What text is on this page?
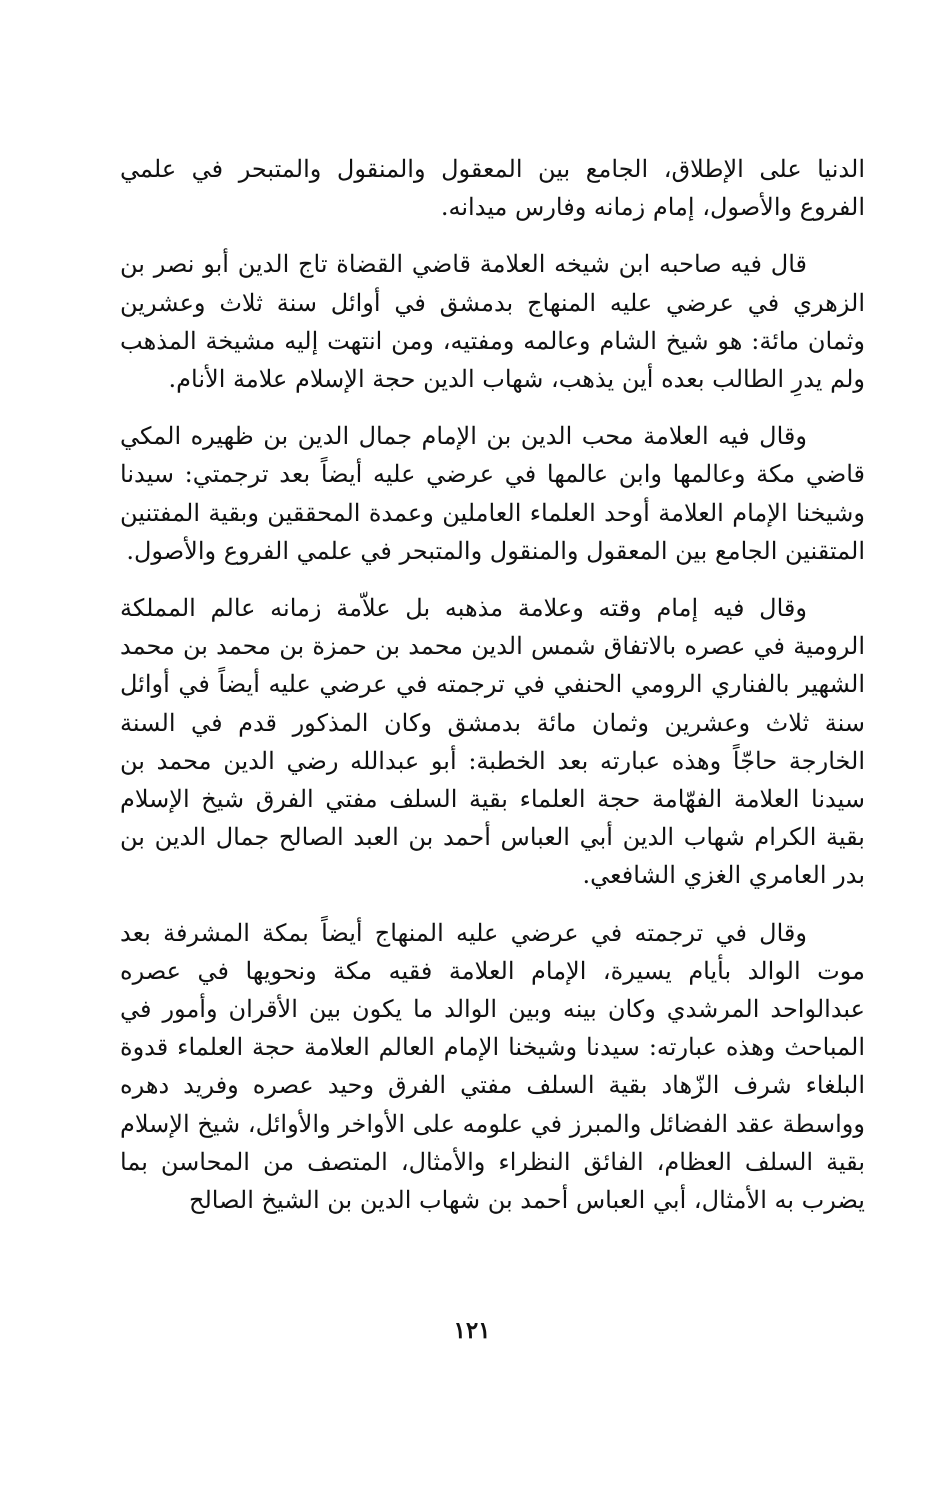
الدنيا على الإطلاق، الجامع بين المعقول والمنقول والمتبحر في علمي الفروع والأصول، إمام زمانه وفارس ميدانه.

قال فيه صاحبه ابن شيخه العلامة قاضي القضاة تاج الدين أبو نصر بن الزهري في عرضي عليه المنهاج بدمشق في أوائل سنة ثلاث وعشرين وثمان مائة: هو شيخ الشام وعالمه ومفتيه، ومن انتهت إليه مشيخة المذهب ولم يدرِ الطالب بعده أين يذهب، شهاب الدين حجة الإسلام علامة الأنام.

وقال فيه العلامة محب الدين بن الإمام جمال الدين بن ظهيره المكي قاضي مكة وعالمها وابن عالمها في عرضي عليه أيضاً بعد ترجمتي: سيدنا وشيخنا الإمام العلامة أوحد العلماء العاملين وعمدة المحققين وبقية المفتنين المتقنين الجامع بين المعقول والمنقول والمتبحر في علمي الفروع والأصول.

وقال فيه إمام وقته وعلامة مذهبه بل علاّمة زمانه عالم المملكة الرومية في عصره بالاتفاق شمس الدين محمد بن حمزة بن محمد بن محمد الشهير بالفناري الرومي الحنفي في ترجمته في عرضي عليه أيضاً في أوائل سنة ثلاث وعشرين وثمان مائة بدمشق وكان المذكور قدم في السنة الخارجة حاجّاً وهذه عبارته بعد الخطبة: أبو عبدالله رضي الدين محمد بن سيدنا العلامة الفهّامة حجة العلماء بقية السلف مفتي الفرق شيخ الإسلام بقية الكرام شهاب الدين أبي العباس أحمد بن العبد الصالح جمال الدين بن بدر العامري الغزي الشافعي.

وقال في ترجمته في عرضي عليه المنهاج أيضاً بمكة المشرفة بعد موت الوالد بأيام يسيرة، الإمام العلامة فقيه مكة ونحويها في عصره عبدالواحد المرشدي وكان بينه وبين الوالد ما يكون بين الأقران وأمور في المباحث وهذه عبارته: سيدنا وشيخنا الإمام العالم العلامة حجة العلماء قدوة البلغاء شرف الزّهاد بقية السلف مفتي الفرق وحيد عصره وفريد دهره وواسطة عقد الفضائل والمبرز في علومه على الأواخر والأوائل، شيخ الإسلام بقية السلف العظام، الفائق النظراء والأمثال، المتصف من المحاسن بما يضرب به الأمثال، أبي العباس أحمد بن شهاب الدين بن الشيخ الصالح

١٢١
